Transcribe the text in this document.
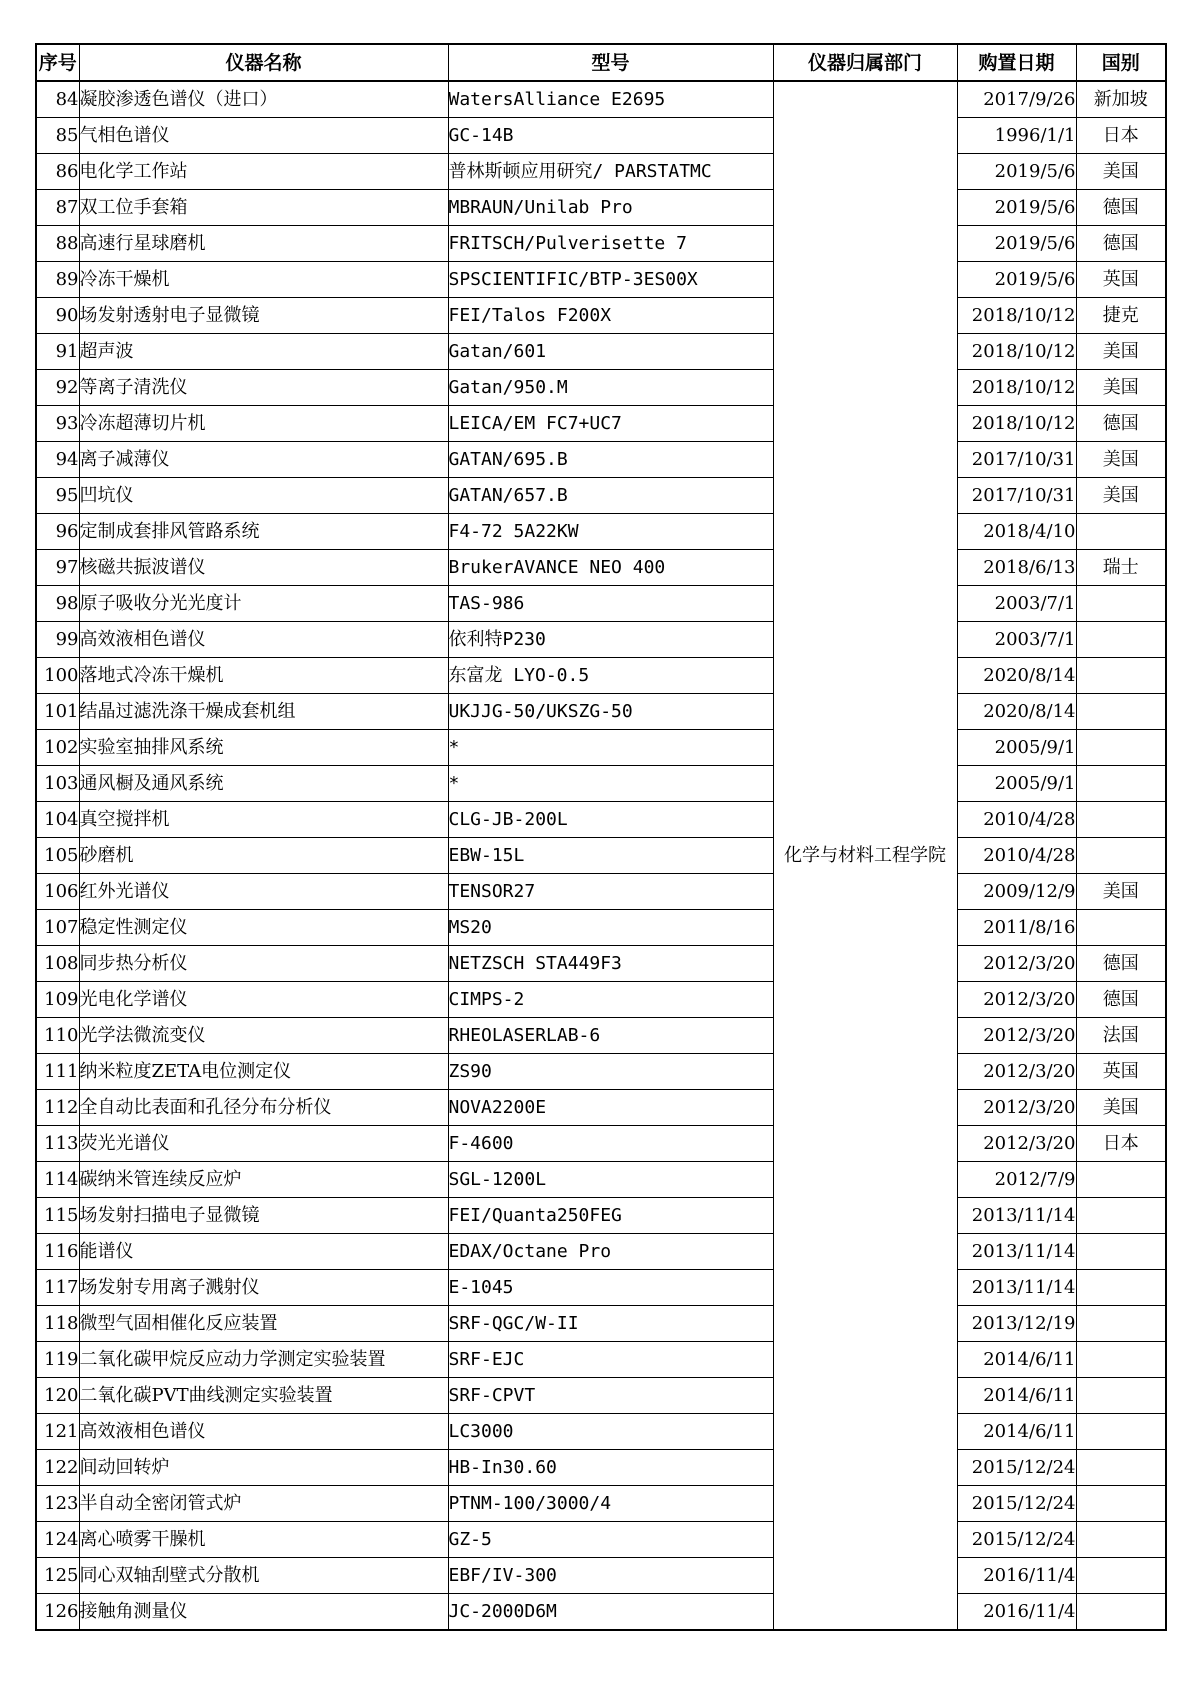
序号	仪器名称	型号	仪器归属部门	购置日期	国别
84	凝胶渗透色谱仪（进口）	WatersAlliance E2695	化学与材料工程学院	2017/9/26	新加坡
85	气相色谱仪	GC-14B		1996/1/1	日本
86	电化学工作站	普林斯顿应用研究/ PARSTATMC		2019/5/6	美国
87	双工位手套箱	MBRAUN/Unilab Pro		2019/5/6	德国
88	高速行星球磨机	FRITSCH/Pulverisette 7		2019/5/6	德国
89	冷冻干燥机	SPSCIENTIFIC/BTP-3ES00X		2019/5/6	英国
90	场发射透射电子显微镜	FEI/Talos F200X		2018/10/12	捷克
91	超声波	Gatan/601		2018/10/12	美国
92	等离子清洗仪	Gatan/950.M		2018/10/12	美国
93	冷冻超薄切片机	LEICA/EM FC7+UC7		2018/10/12	德国
94	离子减薄仪	GATAN/695.B		2017/10/31	美国
95	凹坑仪	GATAN/657.B		2017/10/31	美国
96	定制成套排风管路系统	F4-72 5A22KW		2018/4/10	
97	核磁共振波谱仪	BrukerAVANCE NEO 400		2018/6/13	瑞士
98	原子吸收分光光度计	TAS-986		2003/7/1	
99	高效液相色谱仪	依利特P230		2003/7/1	
100	落地式冷冻干燥机	东富龙 LYO-0.5		2020/8/14	
101	结晶过滤洗涤干燥成套机组	UKJJG-50/UKSZG-50		2020/8/14	
102	实验室抽排风系统	*		2005/9/1	
103	通风橱及通风系统	*		2005/9/1	
104	真空搅拌机	CLG-JB-200L		2010/4/28	
105	砂磨机	EBW-15L		2010/4/28	
106	红外光谱仪	TENSOR27		2009/12/9	美国
107	稳定性测定仪	MS20		2011/8/16	
108	同步热分析仪	NETZSCH STA449F3		2012/3/20	德国
109	光电化学谱仪	CIMPS-2		2012/3/20	德国
110	光学法微流变仪	RHEOLASERLAB-6		2012/3/20	法国
111	纳米粒度ZETA电位测定仪	ZS90		2012/3/20	英国
112	全自动比表面和孔径分布分析仪	NOVA2200E		2012/3/20	美国
113	荧光光谱仪	F-4600		2012/3/20	日本
114	碳纳米管连续反应炉	SGL-1200L		2012/7/9	
115	场发射扫描电子显微镜	FEI/Quanta250FEG		2013/11/14	
116	能谱仪	EDAX/Octane Pro		2013/11/14	
117	场发射专用离子溅射仪	E-1045		2013/11/14	
118	微型气固相催化反应装置	SRF-QGC/W-II		2013/12/19	
119	二氧化碳甲烷反应动力学测定实验装置	SRF-EJC		2014/6/11	
120	二氧化碳PVT曲线测定实验装置	SRF-CPVT		2014/6/11	
121	高效液相色谱仪	LC3000		2014/6/11	
122	间动回转炉	HB-In30.60		2015/12/24	
123	半自动全密闭管式炉	PTNM-100/3000/4		2015/12/24	
124	离心喷雾干臊机	GZ-5		2015/12/24	
125	同心双轴刮壁式分散机	EBF/IV-300		2016/11/4	
126	接触角测量仪	JC-2000D6M		2016/11/4	
